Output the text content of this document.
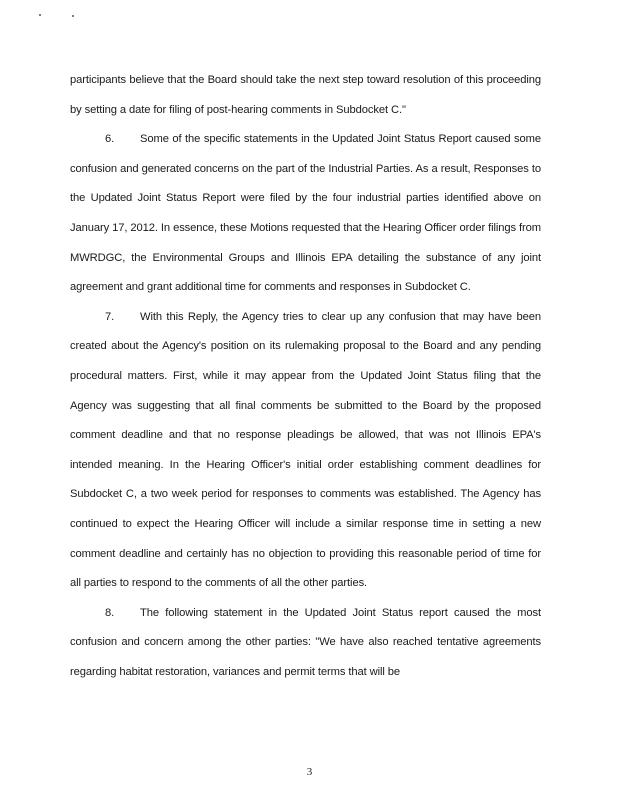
participants believe that the Board should take the next step toward resolution of this proceeding by setting a date for filing of post-hearing comments in Subdocket C."

6. Some of the specific statements in the Updated Joint Status Report caused some confusion and generated concerns on the part of the Industrial Parties. As a result, Responses to the Updated Joint Status Report were filed by the four industrial parties identified above on January 17, 2012. In essence, these Motions requested that the Hearing Officer order filings from MWRDGC, the Environmental Groups and Illinois EPA detailing the substance of any joint agreement and grant additional time for comments and responses in Subdocket C.

7. With this Reply, the Agency tries to clear up any confusion that may have been created about the Agency's position on its rulemaking proposal to the Board and any pending procedural matters. First, while it may appear from the Updated Joint Status filing that the Agency was suggesting that all final comments be submitted to the Board by the proposed comment deadline and that no response pleadings be allowed, that was not Illinois EPA's intended meaning. In the Hearing Officer's initial order establishing comment deadlines for Subdocket C, a two week period for responses to comments was established. The Agency has continued to expect the Hearing Officer will include a similar response time in setting a new comment deadline and certainly has no objection to providing this reasonable period of time for all parties to respond to the comments of all the other parties.

8. The following statement in the Updated Joint Status report caused the most confusion and concern among the other parties: "We have also reached tentative agreements regarding habitat restoration, variances and permit terms that will be

3
